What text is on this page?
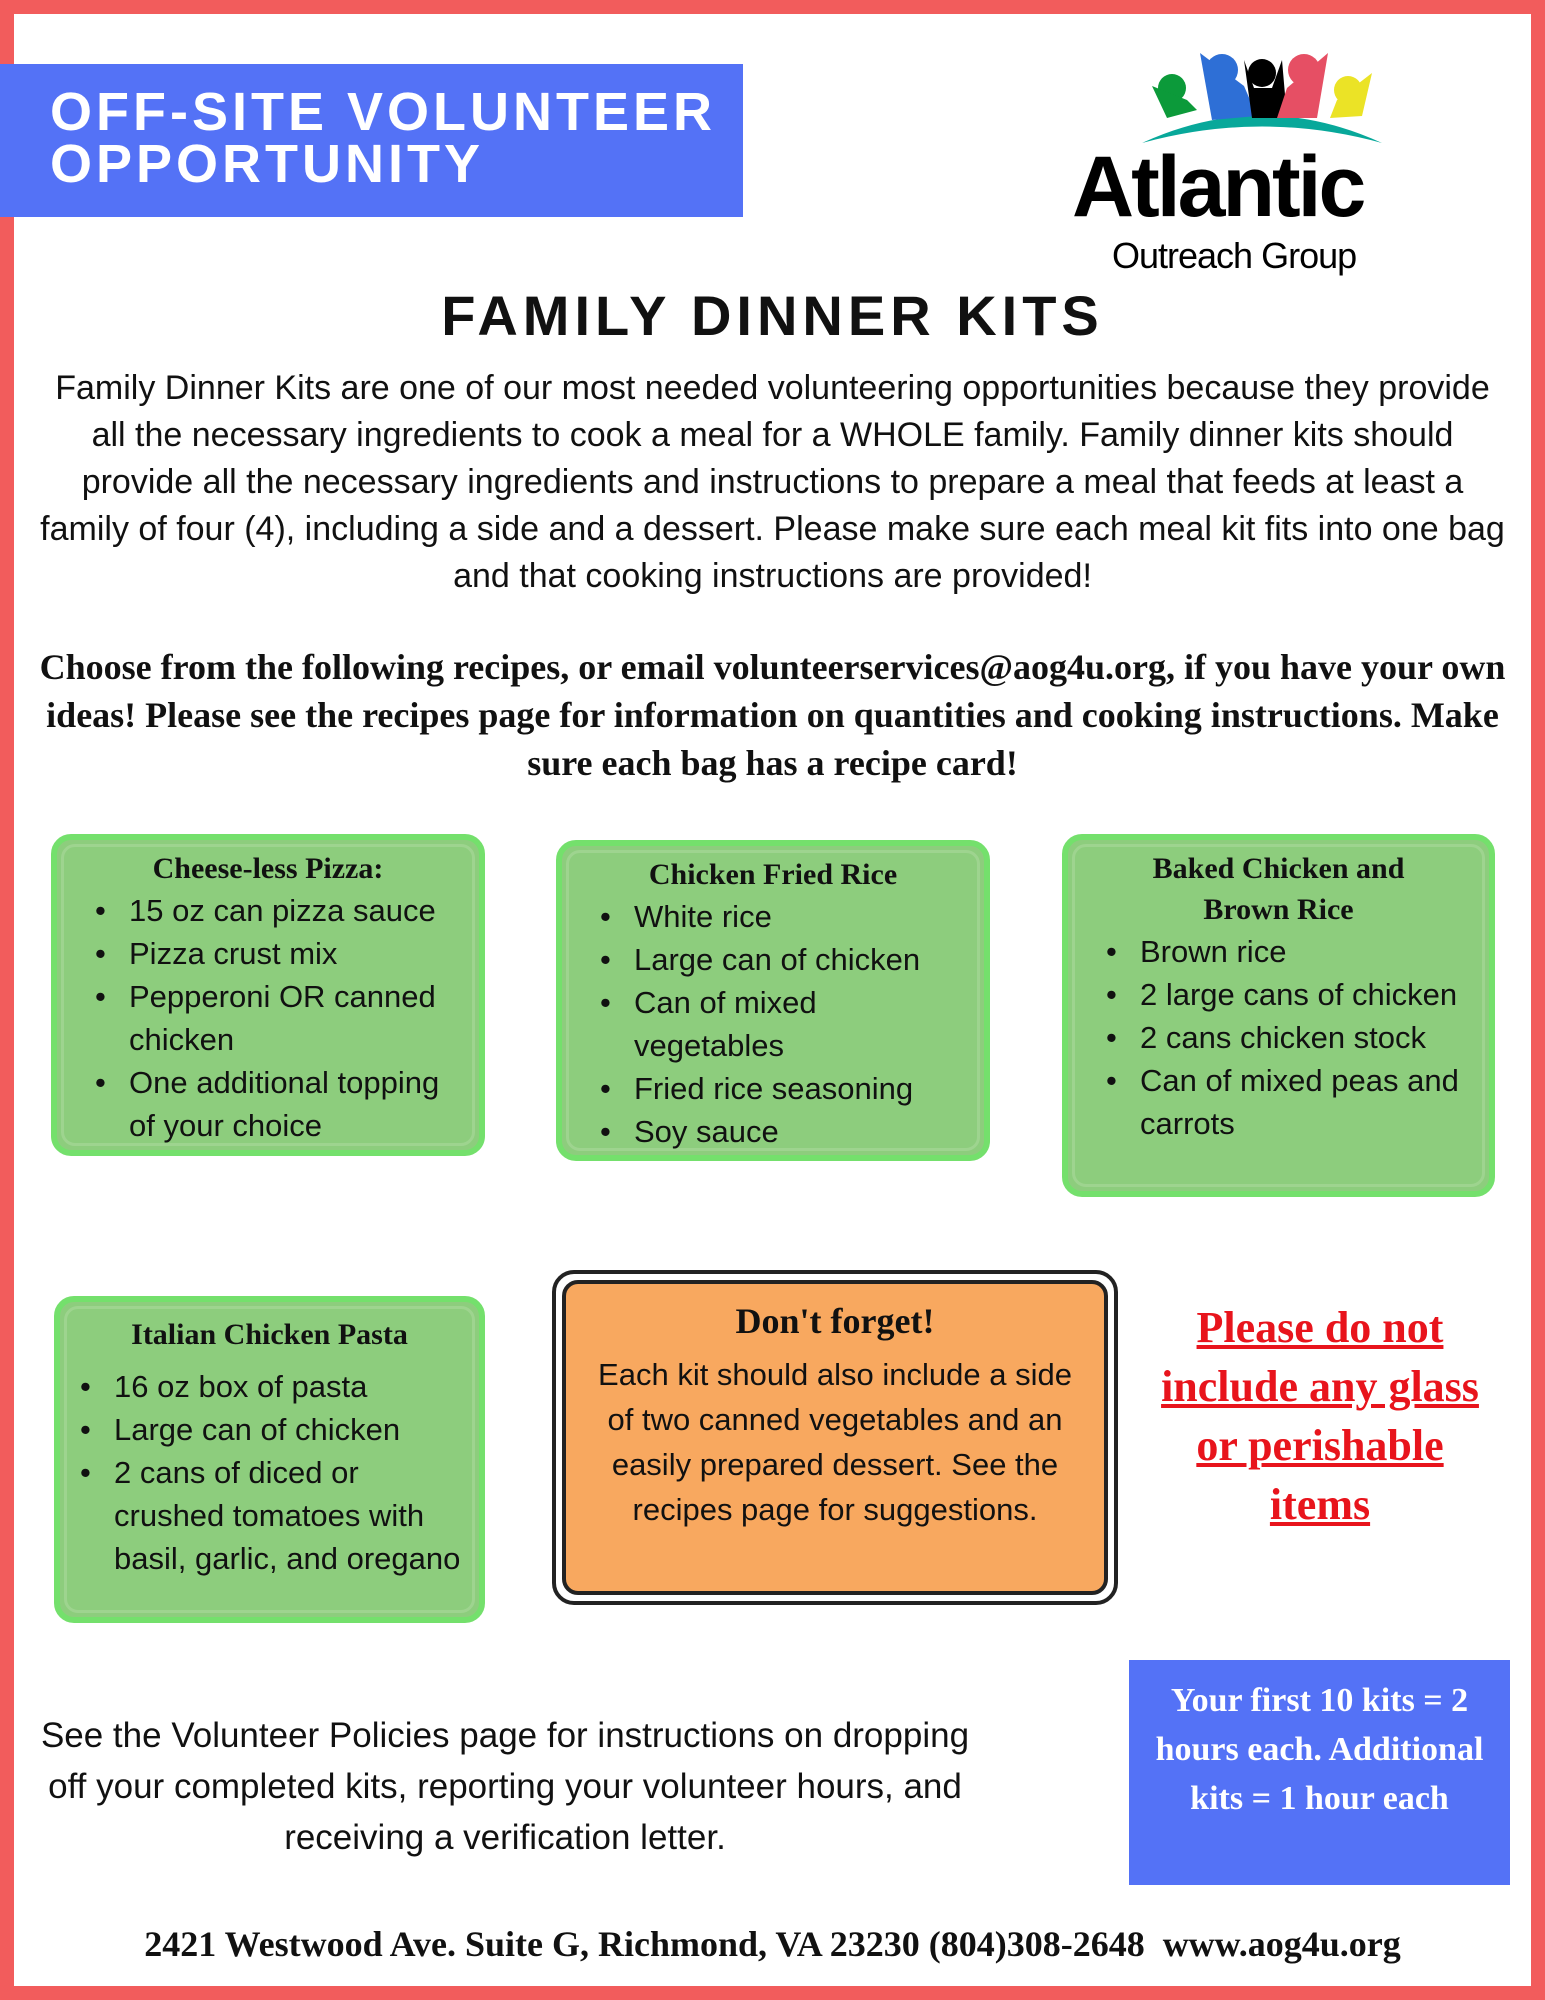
OFF-SITE VOLUNTEER
OPPORTUNITY	Atlantic
Outreach Group
FAMILY DINNER KITS

Family Dinner Kits are one of our most needed volunteering opportunities because they provide all the necessary ingredients to cook a meal for a WHOLE family. Family dinner kits should provide all the necessary ingredients and instructions to prepare a meal that feeds at least a family of four (4), including a side and a dessert. Please make sure each meal kit fits into one bag and that cooking instructions are provided!

Choose from the following recipes, or email volunteerservices@aog4u.org, if you have your own ideas! Please see the recipes page for information on quantities and cooking instructions. Make sure each bag has a recipe card!

Cheese-less Pizza:
• 15 oz can pizza sauce
• Pizza crust mix
• Pepperoni OR canned chicken
• One additional topping of your choice
Chicken Fried Rice
• White rice
• Large can of chicken
• Can of mixed vegetables
• Fried rice seasoning
• Soy sauce
Baked Chicken and Brown Rice
• Brown rice
• 2 large cans of chicken
• 2 cans chicken stock
• Can of mixed peas and carrots
Italian Chicken Pasta
• 16 oz box of pasta
• Large can of chicken
• 2 cans of diced or crushed tomatoes with basil, garlic, and oregano
Don't forget!

Each kit should also include a side of two canned vegetables and an easily prepared dessert. See the recipes page for suggestions.

Please do not include any glass or perishable items
Your first 10 kits = 2 hours each. Additional kits = 1 hour each

See the Volunteer Policies page for instructions on dropping off your completed kits, reporting your volunteer hours, and receiving a verification letter.

2421 Westwood Ave. Suite G, Richmond, VA 23230 (804)308-2648  www.aog4u.org
